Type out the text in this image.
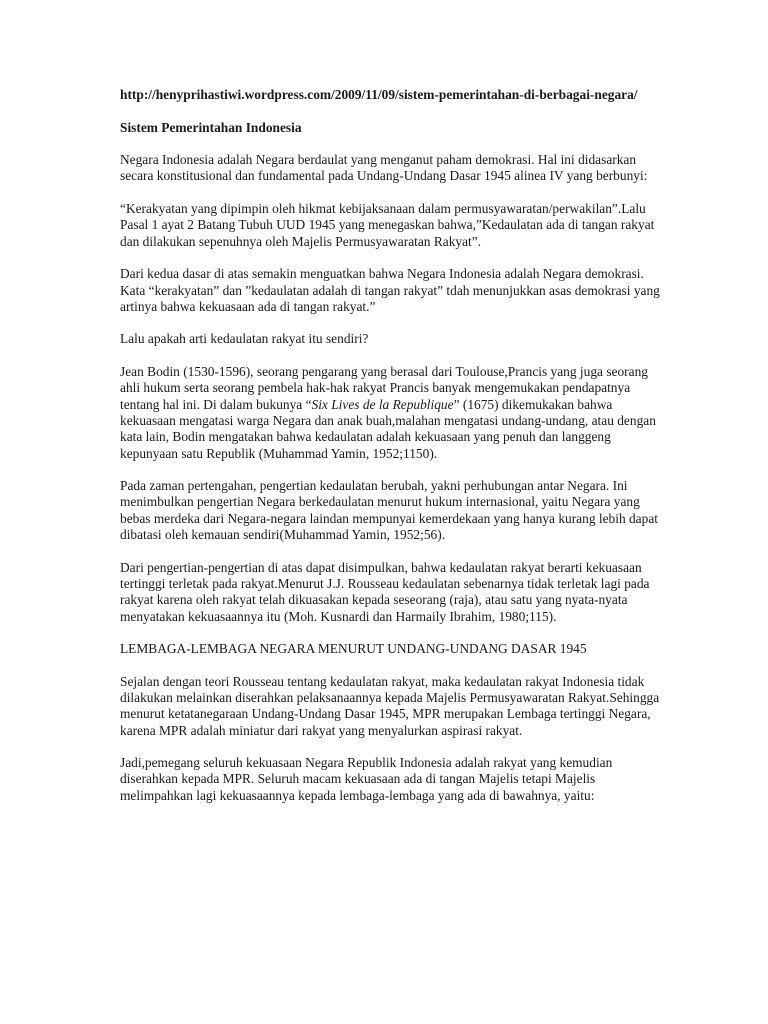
http://henyprihastiwi.wordpress.com/2009/11/09/sistem-pemerintahan-di-berbagai-negara/

Sistem Pemerintahan Indonesia

Negara Indonesia adalah Negara berdaulat yang menganut paham demokrasi. Hal ini didasarkan secara konstitusional dan fundamental pada Undang-Undang Dasar 1945 alinea IV yang berbunyi:

“Kerakyatan yang dipimpin oleh hikmat kebijaksanaan dalam permusyawaratan/perwakilan”.Lalu Pasal 1 ayat 2 Batang Tubuh UUD 1945 yang menegaskan bahwa,”Kedaulatan ada di tangan rakyat dan dilakukan sepenuhnya oleh Majelis Permusyawaratan Rakyat”.

Dari kedua dasar di atas semakin menguatkan bahwa Negara Indonesia adalah Negara demokrasi. Kata “kerakyatan” dan ”kedaulatan adalah di tangan rakyat” tdah menunjukkan asas demokrasi yang artinya bahwa kekuasaan ada di tangan rakyat.”

Lalu apakah arti kedaulatan rakyat itu sendiri?

Jean Bodin (1530-1596), seorang pengarang yang berasal dari Toulouse,Prancis yang juga seorang ahli hukum serta seorang pembela hak-hak rakyat Prancis banyak mengemukakan pendapatnya tentang hal ini. Di dalam bukunya “Six Lives de la Republique” (1675) dikemukakan bahwa kekuasaan mengatasi warga Negara dan anak buah,malahan mengatasi undang-undang, atau dengan kata lain, Bodin mengatakan bahwa kedaulatan adalah kekuasaan yang penuh dan langgeng kepunyaan satu Republik (Muhammad Yamin, 1952;1150).

Pada zaman pertengahan, pengertian kedaulatan berubah, yakni perhubungan antar Negara. Ini menimbulkan pengertian Negara berkedaulatan menurut hukum internasional, yaitu Negara yang bebas merdeka dari Negara-negara laindan mempunyai kemerdekaan yang hanya kurang lebih dapat dibatasi oleh kemauan sendiri(Muhammad Yamin, 1952;56).

Dari pengertian-pengertian di atas dapat disimpulkan, bahwa kedaulatan rakyat berarti kekuasaan tertinggi terletak pada rakyat.Menurut J.J. Rousseau kedaulatan sebenarnya tidak terletak lagi pada rakyat karena oleh rakyat telah dikuasakan kepada seseorang (raja), atau satu yang nyata-nyata menyatakan kekuasaannya itu (Moh. Kusnardi dan Harmaily Ibrahim, 1980;115).

LEMBAGA-LEMBAGA NEGARA MENURUT UNDANG-UNDANG DASAR 1945

Sejalan dengan teori Rousseau tentang kedaulatan rakyat, maka kedaulatan rakyat Indonesia tidak dilakukan melainkan diserahkan pelaksanaannya kepada Majelis Permusyawaratan Rakyat.Sehingga menurut ketatanegaraan Undang-Undang Dasar 1945, MPR merupakan Lembaga tertinggi Negara, karena MPR adalah miniatur dari rakyat yang menyalurkan aspirasi rakyat.

Jadi,pemegang seluruh kekuasaan Negara Republik Indonesia adalah rakyat yang kemudian diserahkan kepada MPR. Seluruh macam kekuasaan ada di tangan Majelis tetapi Majelis melimpahkan lagi kekuasaannya kepada lembaga-lembaga yang ada di bawahnya, yaitu:
